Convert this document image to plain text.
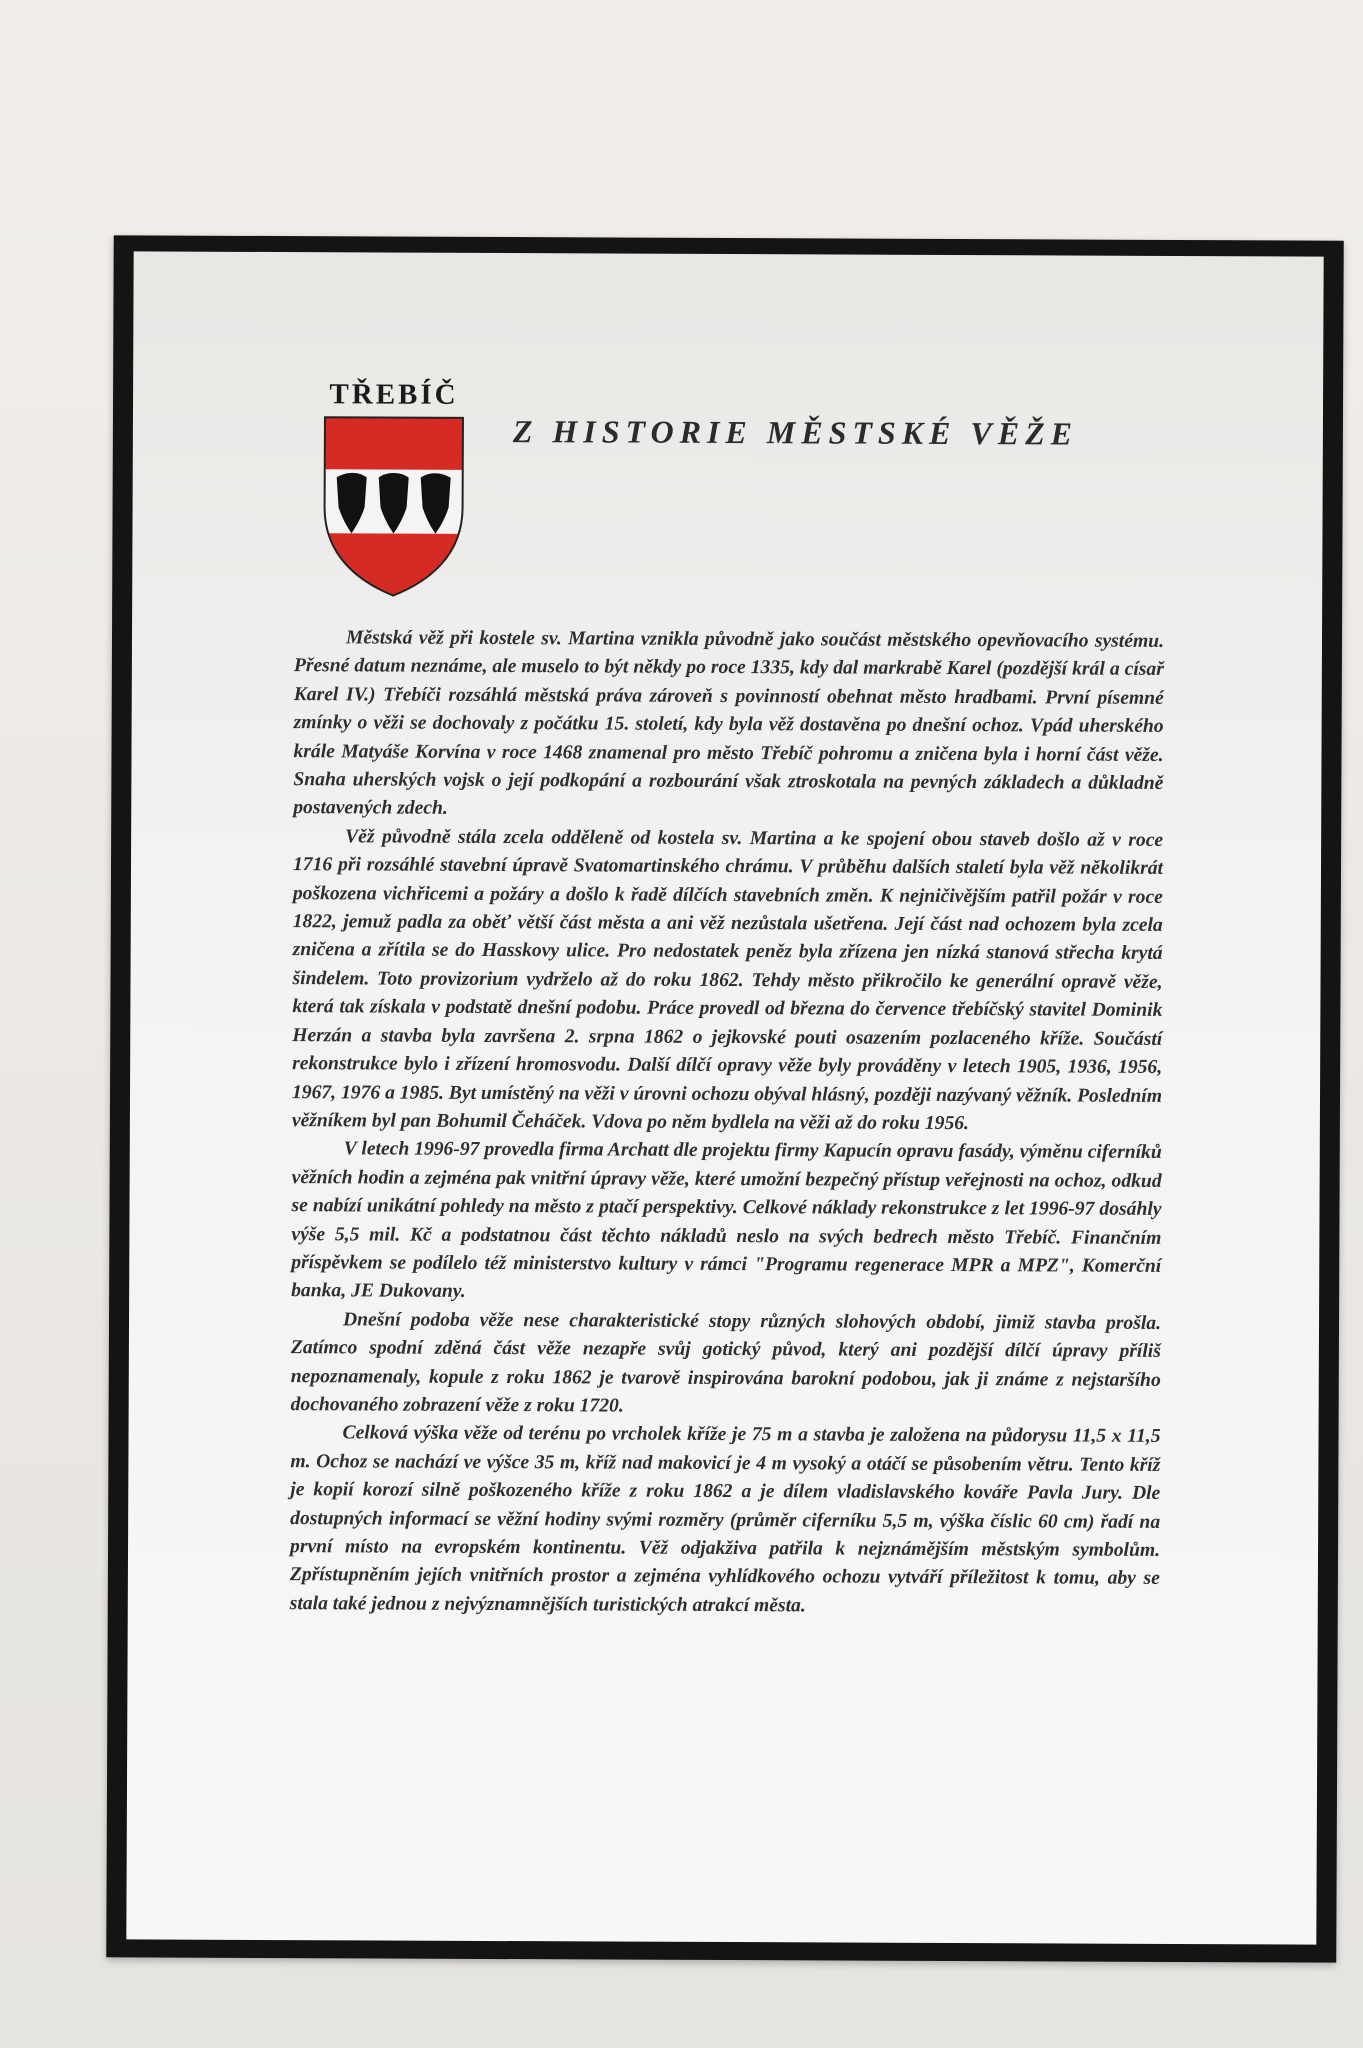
TŘEBÍČ
Z HISTORIE MĚSTSKÉ VĚŽE

Městská věž při kostele sv. Martina vznikla původně jako součást městského opevňovacího systému. Přesné datum neznáme, ale muselo to být někdy po roce 1335, kdy dal markrabě Karel (pozdější král a císař Karel IV.) Třebíči rozsáhlá městská práva zároveň s povinností obehnat město hradbami. První písemné zmínky o věži se dochovaly z počátku 15. století, kdy byla věž dostavěna po dnešní ochoz. Vpád uherského krále Matyáše Korvína v roce 1468 znamenal pro město Třebíč pohromu a zničena byla i horní část věže. Snaha uherských vojsk o její podkopání a rozbourání však ztroskotala na pevných základech a důkladně postavených zdech.

Věž původně stála zcela odděleně od kostela sv. Martina a ke spojení obou staveb došlo až v roce 1716 při rozsáhlé stavební úpravě Svatomartinského chrámu. V průběhu dalších staletí byla věž několikrát poškozena vichřicemi a požáry a došlo k řadě dílčích stavebních změn. K nejničivějším patřil požár v roce 1822, jemuž padla za oběť větší část města a ani věž nezůstala ušetřena. Její část nad ochozem byla zcela zničena a zřítila se do Hasskovy ulice. Pro nedostatek peněz byla zřízena jen nízká stanová střecha krytá šindelem. Toto provizorium vydrželo až do roku 1862. Tehdy město přikročilo ke generální opravě věže, která tak získala v podstatě dnešní podobu. Práce provedl od března do července třebíčský stavitel Dominik Herzán a stavba byla završena 2. srpna 1862 o jejkovské pouti osazením pozlaceného kříže. Součástí rekonstrukce bylo i zřízení hromosvodu. Další dílčí opravy věže byly prováděny v letech 1905, 1936, 1956, 1967, 1976 a 1985. Byt umístěný na věži v úrovni ochozu obýval hlásný, později nazývaný věžník. Posledním věžníkem byl pan Bohumil Čeháček. Vdova po něm bydlela na věži až do roku 1956.

V letech 1996-97 provedla firma Archatt dle projektu firmy Kapucín opravu fasády, výměnu ciferníků věžních hodin a zejména pak vnitřní úpravy věže, které umožní bezpečný přístup veřejnosti na ochoz, odkud se nabízí unikátní pohledy na město z ptačí perspektivy. Celkové náklady rekonstrukce z let 1996-97 dosáhly výše 5,5 mil. Kč a podstatnou část těchto nákladů neslo na svých bedrech město Třebíč. Finančním příspěvkem se podílelo též ministerstvo kultury v rámci "Programu regenerace MPR a MPZ", Komerční banka, JE Dukovany.

Dnešní podoba věže nese charakteristické stopy různých slohových období, jimiž stavba prošla. Zatímco spodní zděná část věže nezapře svůj gotický původ, který ani pozdější dílčí úpravy příliš nepoznamenaly, kopule z roku 1862 je tvarově inspirována barokní podobou, jak ji známe z nejstaršího dochovaného zobrazení věže z roku 1720.

Celková výška věže od terénu po vrcholek kříže je 75 m a stavba je založena na půdorysu 11,5 x 11,5 m. Ochoz se nachází ve výšce 35 m, kříž nad makovicí je 4 m vysoký a otáčí se působením větru. Tento kříž je kopií korozí silně poškozeného kříže z roku 1862 a je dílem vladislavského kováře Pavla Jury. Dle dostupných informací se věžní hodiny svými rozměry (průměr ciferníku 5,5 m, výška číslic 60 cm) řadí na první místo na evropském kontinentu. Věž odjakživa patřila k nejznámějším městským symbolům. Zpřístupněním jejích vnitřních prostor a zejména vyhlídkového ochozu vytváří příležitost k tomu, aby se stala také jednou z nejvýznamnějších turistických atrakcí města.
